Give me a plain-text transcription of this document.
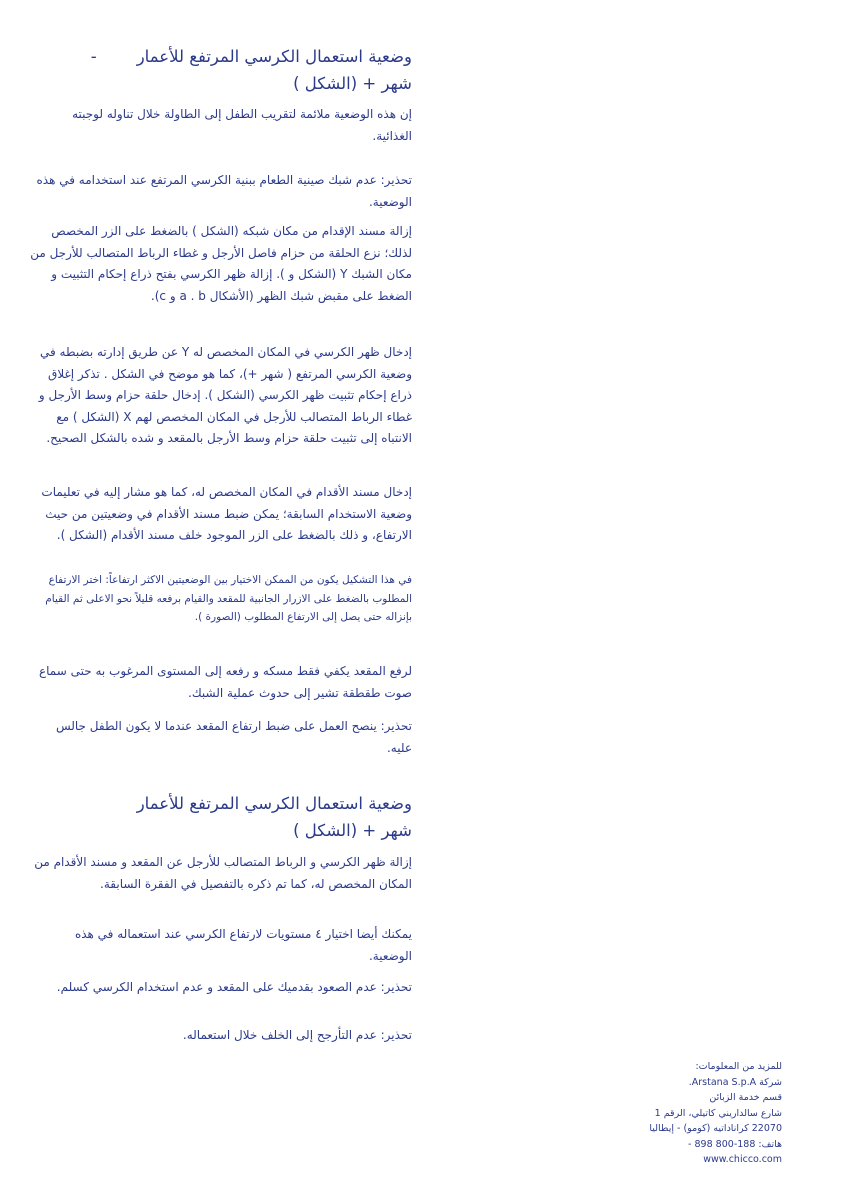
وضعية استعمال الكرسي المرتفع للأعمار-

شهر + (الشكل )

إن هذه الوضعية ملائمة لتقريب الطفل إلى الطاولة خلال تناوله لوجبته الغذائية.

تحذير: عدم شبك صينية الطعام ببنية الكرسي المرتفع عند استخدامه في هذه الوضعية.

إزالة مسند الإقدام من مكان شبكه (الشكل ) بالضغط على الزر المخصص لذلك؛ نزع الحلقة من حزام فاصل الأرجل و غطاء الرباط المتصالب للأرجل من مكان الشبك Y (الشكل و ). إزالة ظهر الكرسي بفتح ذراع إحكام التثبيت و الضغط على مقبض شبك الظهر (الأشكال a . b و c).

إدخال ظهر الكرسي في المكان المخصص له Y عن طريق إدارته بضبطه في وضعية الكرسي المرتفع ( شهر +)، كما هو موضح في الشكل . تذكر إغلاق ذراع إحكام تثبيت ظهر الكرسي (الشكل ). إدخال حلقة حزام وسط الأرجل و غطاء الرباط المتصالب للأرجل في المكان المخصص لهم X (الشكل ) مع الانتباه إلى تثبيت حلقة حزام وسط الأرجل بالمقعد و شده بالشكل الصحيح.

إدخال مسند الأقدام في المكان المخصص له، كما هو مشار إليه في تعليمات وضعية الاستخدام السابقة؛ يمكن ضبط مسند الأقدام في وضعيتين من حيث الارتفاع، و ذلك بالضغط على الزر الموجود خلف مسند الأقدام (الشكل ).

في هذا التشكيل يكون من الممكن الاختيار بين الوضعيتين الاكثر ارتفاعاً: اختر الارتفاع المطلوب بالضغط على الازرار الجانبية للمقعد والقيام برفعه قليلاً نحو الاعلى ثم القيام بإنزاله حتى يصل إلى الارتفاع المطلوب (الصورة ).

لرفع المقعد يكفي فقط مسكه و رفعه إلى المستوى المرغوب به حتى سماع صوت طقطقة تشير إلى حدوث عملية الشبك.

تحذير: ينصح العمل على ضبط ارتفاع المقعد عندما لا يكون الطفل جالس عليه.

وضعية استعمال الكرسي المرتفع للأعمار

شهر + (الشكل )

إزالة ظهر الكرسي و الرباط المتصالب للأرجل عن المقعد و مسند الأقدام من المكان المخصص له، كما تم ذكره بالتفصيل في الفقرة السابقة.

يمكنك أيضا اختيار ٤ مستويات لارتفاع الكرسي عند استعماله في هذه الوضعية.

تحذير: عدم الصعود بقدميك على المقعد و عدم استخدام الكرسي كسلم.

تحذير: عدم التأرجح إلى الخلف خلال استعماله.

للمزيد من المعلومات:
شركة Arstana S.p.A.
قسم خدمة الزبائن
شارع سالداريني كاتيلي، الرقم 1
22070 كراناداتيه (كومو) - إيطاليا
هاتف: 188-800 898 - www.chicco.com
